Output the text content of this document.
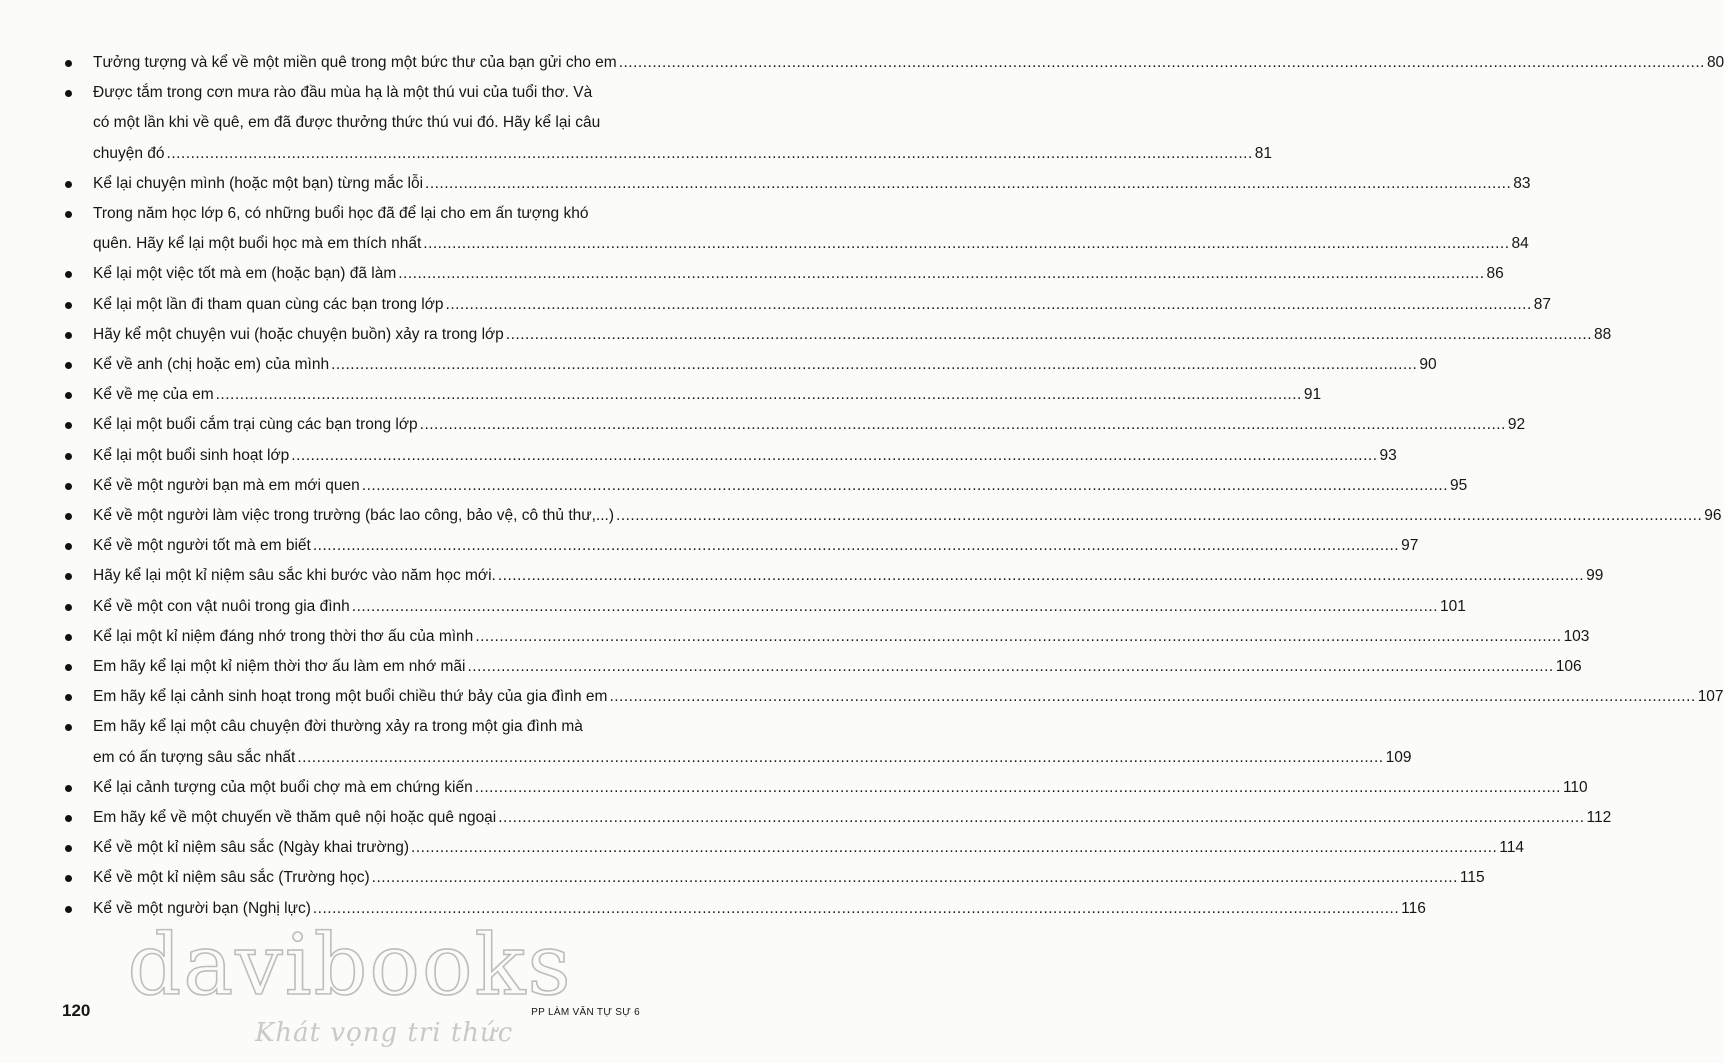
Tưởng tượng và kể về một miền quê trong một bức thư của bạn gửi cho em .....	80
Được tắm trong cơn mưa rào đầu mùa hạ là một thú vui của tuổi thơ. Và
có một lần khi về quê, em đã được thưởng thức thú vui đó. Hãy kể lại câu
chuyện đó .....	81
Kể lại chuyện mình (hoặc một bạn) từng mắc lỗi .....	83
Trong năm học lớp 6, có những buổi học đã để lại cho em ấn tượng khó
quên. Hãy kể lại một buổi học mà em thích nhất .....	84
Kể lại một việc tốt mà em (hoặc bạn) đã làm .....	86
Kể lại một lần đi tham quan cùng các bạn trong lớp .....	87
Hãy kể một chuyện vui (hoặc chuyện buồn) xảy ra trong lớp .....	88
Kể về anh (chị hoặc em) của mình .....	90
Kể về mẹ của em .....	91
Kể lại một buổi cắm trại cùng các bạn trong lớp .....	92
Kể lại một buổi sinh hoạt lớp .....	93
Kể về một người bạn mà em mới quen .....	95
Kể về một người làm việc trong trường (bác lao công, bảo vệ, cô thủ thư,...) .....	96
Kể về một người tốt mà em biết .....	97
Hãy kể lại một kỉ niệm sâu sắc khi bước vào năm học mới. .....	99
Kể về một con vật nuôi trong gia đình .....	101
Kể lại một kỉ niệm đáng nhớ trong thời thơ ấu của mình .....	103
Em hãy kể lại một kỉ niệm thời thơ ấu làm em nhớ mãi .....	106
Em hãy kể lại cảnh sinh hoạt trong một buổi chiều thứ bảy của gia đình em .....	107
Em hãy kể lại một câu chuyện đời thường xảy ra trong một gia đình mà
em có ấn tượng sâu sắc nhất .....	109
Kể lại cảnh tượng của một buổi chợ mà em chứng kiến .....	110
Em hãy kể về một chuyến về thăm quê nội hoặc quê ngoại .....	112
Kể về một kỉ niệm sâu sắc (Ngày khai trường) .....	114
Kể về một kỉ niệm sâu sắc (Trường học) .....	115
Kể về một người bạn (Nghị lực) .....	116
120	PP LÀM VĂN TỰ SỰ 6
davibooks
Khát vọng tri thức
